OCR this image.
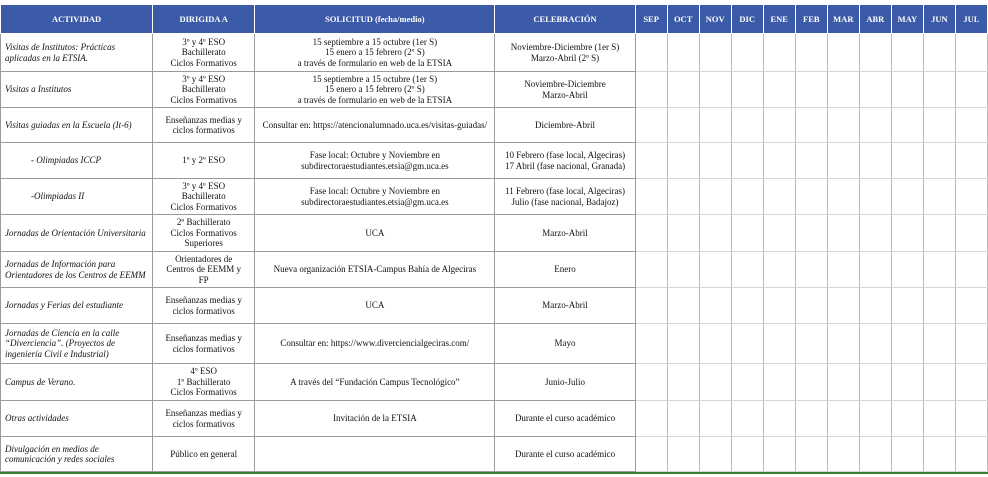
ACTIVIDAD	DIRIGIDA A	SOLICITUD (fecha/medio)	CELEBRACIÓN	SEP	OCT	NOV	DIC	ENE	FEB	MAR	ABR	MAY	JUN	JUL

Visitas de Institutos: Prácticas
aplicadas en la ETSIA.	3º y 4º ESO
Bachillerato
Ciclos Formativos	15 septiembre a 15 octubre (1er S)
15 enero a 15 febrero (2º S)
a través de formulario en web de la ETSIA	Noviembre-Diciembre (1er S)
Marzo-Abril (2º S)											

Visitas a Institutos	3º y 4º ESO
Bachillerato
Ciclos Formativos	15 septiembre a 15 octubre (1er S)
15 enero a 15 febrero (2º S)
a través de formulario en web de la ETSIA	Noviembre-Diciembre
Marzo-Abril											

Visitas guiadas en la Escuela (It-6)	Enseñanzas medias y
ciclos formativos	Consultar en: https://atencionalumnado.uca.es/visitas-guiadas/	Diciembre-Abril											

- Olimpiadas ICCP	1º y 2º ESO	Fase local: Octubre y Noviembre en
subdirectoraestudiantes.etsia@gm.uca.es	10 Febrero (fase local, Algeciras)
17 Abril (fase nacional, Granada)											

-Olimpiadas II	3º y 4º ESO
Bachillerato
Ciclos Formativos	Fase local: Octubre y Noviembre en
subdirectoraestudiantes.etsia@gm.uca.es	11 Febrero (fase local, Algeciras)
Julio (fase nacional, Badajoz)											

Jornadas de Orientación Universitaria	2º Bachillerato
Ciclos Formativos
Superiores	UCA	Marzo-Abril											

Jornadas de Información para
Orientadores de los Centros de EEMM	Orientadores de
Centros de EEMM y
FP	Nueva organización ETSIA-Campus Bahía de Algeciras	Enero											

Jornadas y Ferias del estudiante	Enseñanzas medias y
ciclos formativos	UCA	Marzo-Abril											

Jornadas de Ciencia en la calle
“Diverciencia”. (Proyectos de
ingeniería Civil e Industrial)	Enseñanzas medias y
ciclos formativos	Consultar en: https://www.diverciencialgeciras.com/	Mayo											

Campus de Verano.	4º ESO
1º Bachillerato
Ciclos Formativos	A través del “Fundación Campus Tecnológico”	Junio-Julio											

Otras actividades	Enseñanzas medias y
ciclos formativos	Invitación de la ETSIA	Durante el curso académico											

Divulgación en medios de
comunicación y redes sociales	Público en general		Durante el curso académico											
